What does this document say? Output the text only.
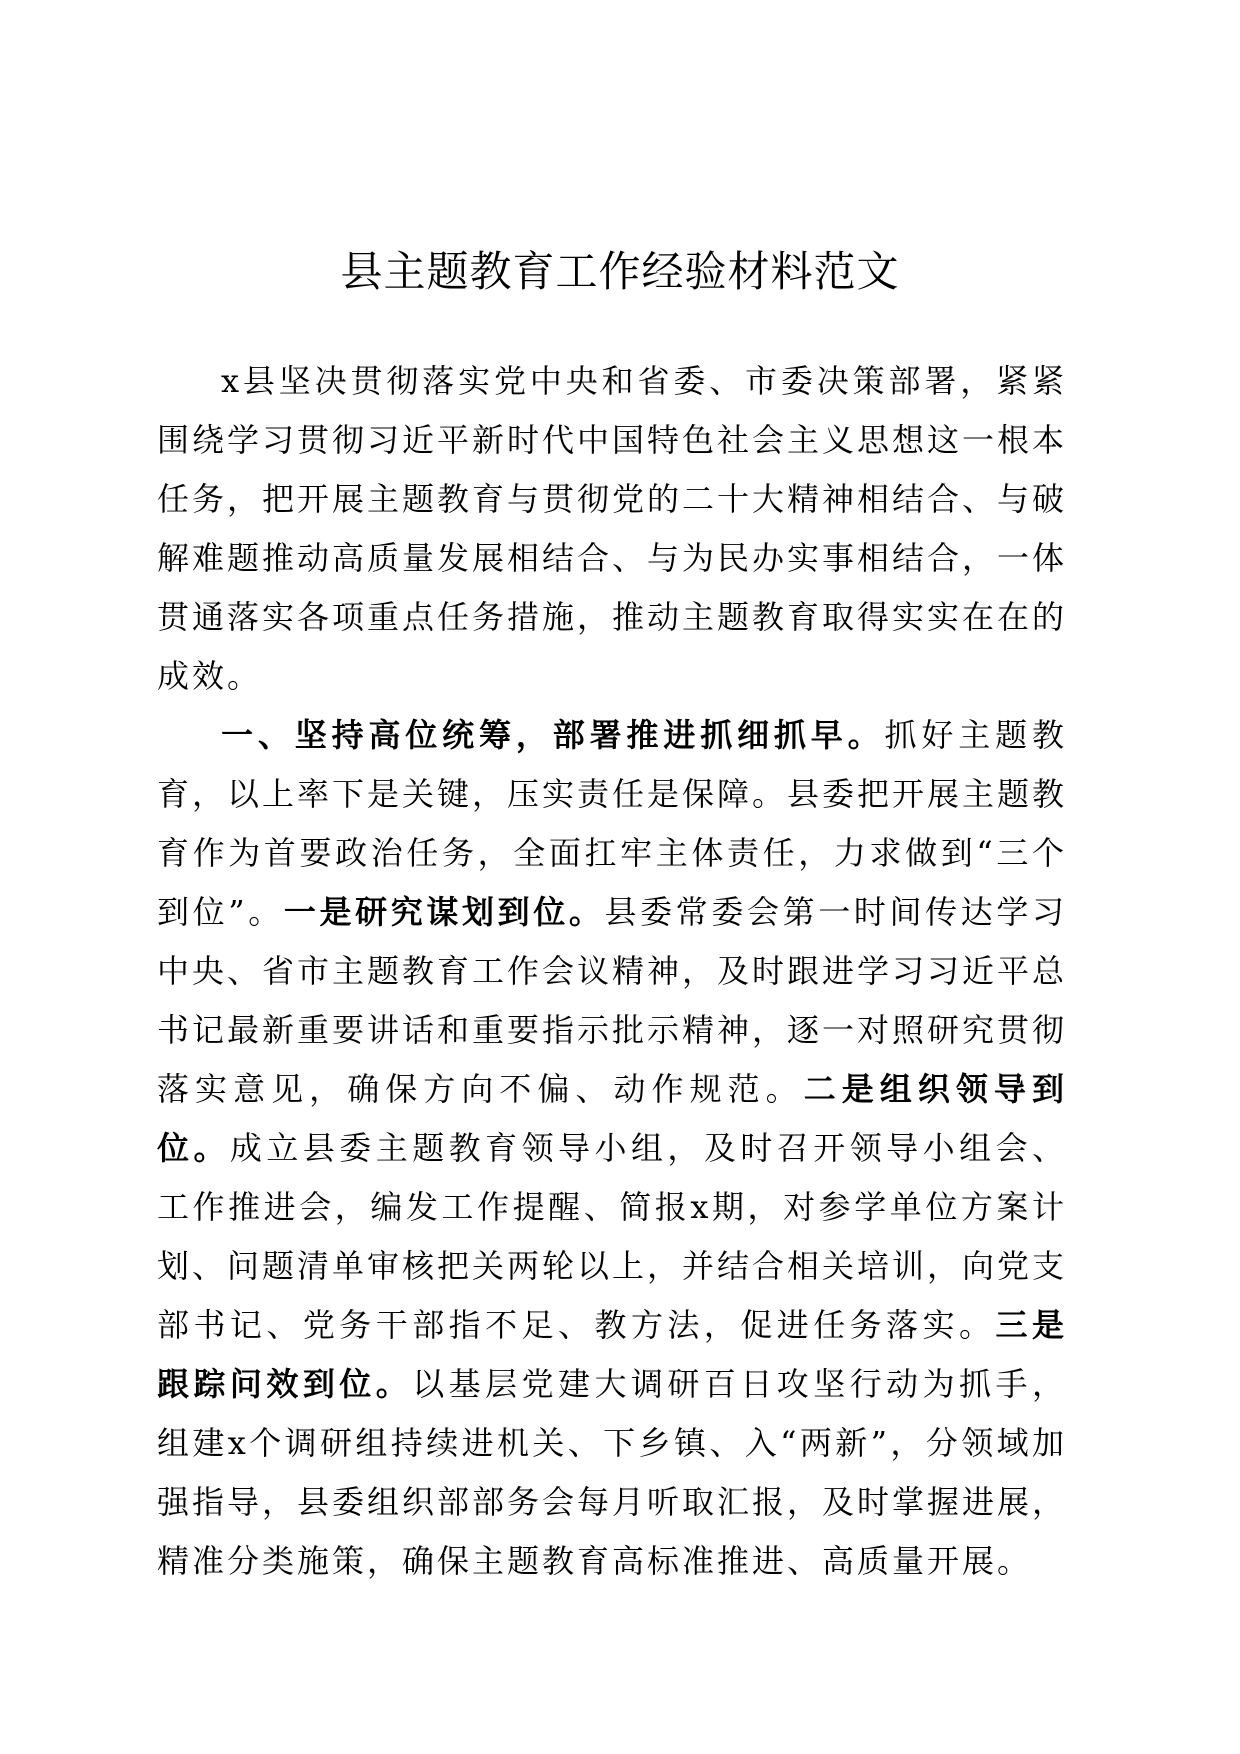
县主题教育工作经验材料范文

x县坚决贯彻落实党中央和省委、市委决策部署，紧紧围绕学习贯彻习近平新时代中国特色社会主义思想这一根本任务，把开展主题教育与贯彻党的二十大精神相结合、与破解难题推动高质量发展相结合、与为民办实事相结合，一体贯通落实各项重点任务措施，推动主题教育取得实实在在的成效。

一、坚持高位统筹，部署推进抓细抓早。抓好主题教育，以上率下是关键，压实责任是保障。县委把开展主题教育作为首要政治任务，全面扛牢主体责任，力求做到“三个到位”。一是研究谋划到位。县委常委会第一时间传达学习中央、省市主题教育工作会议精神，及时跟进学习习近平总书记最新重要讲话和重要指示批示精神，逐一对照研究贯彻落实意见，确保方向不偏、动作规范。二是组织领导到位。成立县委主题教育领导小组，及时召开领导小组会、工作推进会，编发工作提醒、简报x期，对参学单位方案计划、问题清单审核把关两轮以上，并结合相关培训，向党支部书记、党务干部指不足、教方法，促进任务落实。三是跟踪问效到位。以基层党建大调研百日攻坚行动为抓手，组建x个调研组持续进机关、下乡镇、入“两新”，分领域加强指导，县委组织部部务会每月听取汇报，及时掌握进展，精准分类施策，确保主题教育高标准推进、高质量开展。
